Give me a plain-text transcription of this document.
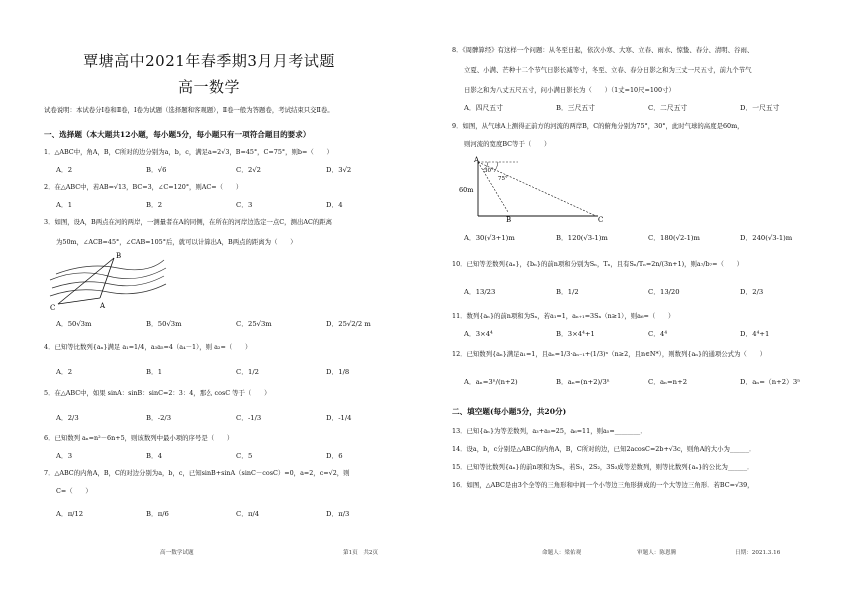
覃塘高中2021年春季期3月月考试题
高一数学
试卷说明：本试卷分Ⅰ卷和Ⅱ卷，Ⅰ卷为试题（选择题和客观题），Ⅱ卷一般为答题卷，考试结束只交Ⅱ卷。
一、选择题（本大题共12小题，每小题5分，每小题只有一项符合题目的要求）
1．△ABC中，角A，B，C所对的边分别为a，b，c，满足a=2√3，B=45°，C=75°，则b=（　　）
A．2	B．√6	C．2√2	D．3√2
2．在△ABC中，若AB=√13，BC=3，∠C=120°，则AC=（　　）
A．1	B．2	C．3	D．4
3．如图，设A，B两点在河的两岸，一测量者在A的同侧，在所在的河岸边选定一点C，测出AC的距离
为50m，∠ACB=45°，∠CAB=105°后，就可以计算出A，B两点的距离为（　　）
B
C	A
A．50√3m	B．50√3m	C．25√3m	D．25√2/2 m
4．已知等比数列{aₙ}满足 a₁=1/4，a₃a₅=4（a₄－1），则 a₂=（　　）
A．2	B．1	C．1/2	D．1/8
5．在△ABC中，如果 sinA：sinB：sinC=2：3：4，那么 cosC 等于（　　）
A．2/3	B．-2/3	C．-1/3	D．-1/4
6．已知数列 aₙ=n²－6n+5，则该数列中最小项的序号是（　　）
A．3	B．4	C．5	D．6
7．△ABC的内角A，B，C的对边分别为a，b，c，已知sinB+sinA（sinC－cosC）=0，a=2，c=√2，则
C=（　　）
A．π/12	B．π/6	C．π/4	D．π/3
高一数学试题	第1页　共2页
8．《周髀算经》有这样一个问题：从冬至日起，依次小寒、大寒、立春、雨水、惊蛰、春分、清明、谷雨、
立夏、小满、芒种十二个节气日影长减等寸，冬至、立春、春分日影之和为三丈一尺五寸，前九个节气
日影之和为八丈五尺五寸，问小满日影长为（　　）（1丈=10尺=100寸）
A．四尺五寸	B．三尺五寸	C．二尺五寸	D．一尺五寸
9．如图，从气球A上测得正前方的河流的两岸B，C的俯角分别为75°，30°，此时气球的高度是60m，
则河流的宽度BC等于（　　）
A
60m
B	C
30°
75°
A．30(√3+1)m	B．120(√3-1)m	C．180(√2-1)m	D．240(√3-1)m
10．已知等差数列{aₙ}，{bₙ}的前n项和分别为Sₙ，Tₙ，且有Sₙ/Tₙ=2n/(3n+1)，则a₇/b₇=（　　）
A．13/23	B．1/2	C．13/20	D．2/3
11．数列{aₙ}的前n项和为Sₙ，若a₁=1，aₙ₊₁=3Sₙ（n≥1），则a₆=（　　）
A．3×4⁴	B．3×4⁴+1	C．4⁴	D．4⁴+1
12．已知数列{aₙ}满足a₁=1，且aₙ=1/3·aₙ₋₁+(1/3)ⁿ（n≥2，且n∈N*），则数列{aₙ}的通项公式为（　　）
A．aₙ=3ⁿ/(n+2)	B．aₙ=(n+2)/3ⁿ	C．aₙ=n+2	D．aₙ=（n+2）3ⁿ
二、填空题(每小题5分，共20分)
13．已知{aₙ}为等差数列，a₃+a₅=25，a₆=11，则a₅=________．
14．设a，b，c分别是△ABC的内角A，B，C所对的边，已知2acosC=2b+√3c，则角A的大小为______．
15．已知等比数列{aₙ}的前n项和为Sₙ，若S₁，2S₂，3S₃成等差数列，则等比数列{aₙ}的公比为______．
16．如图，△ABC是由3个全等的三角形和中间一个小等边三角形拼成的一个大等边三角形．若BC=√39，
命题人：梁佑观	审题人：陈恩腾	日期：2021.3.16
